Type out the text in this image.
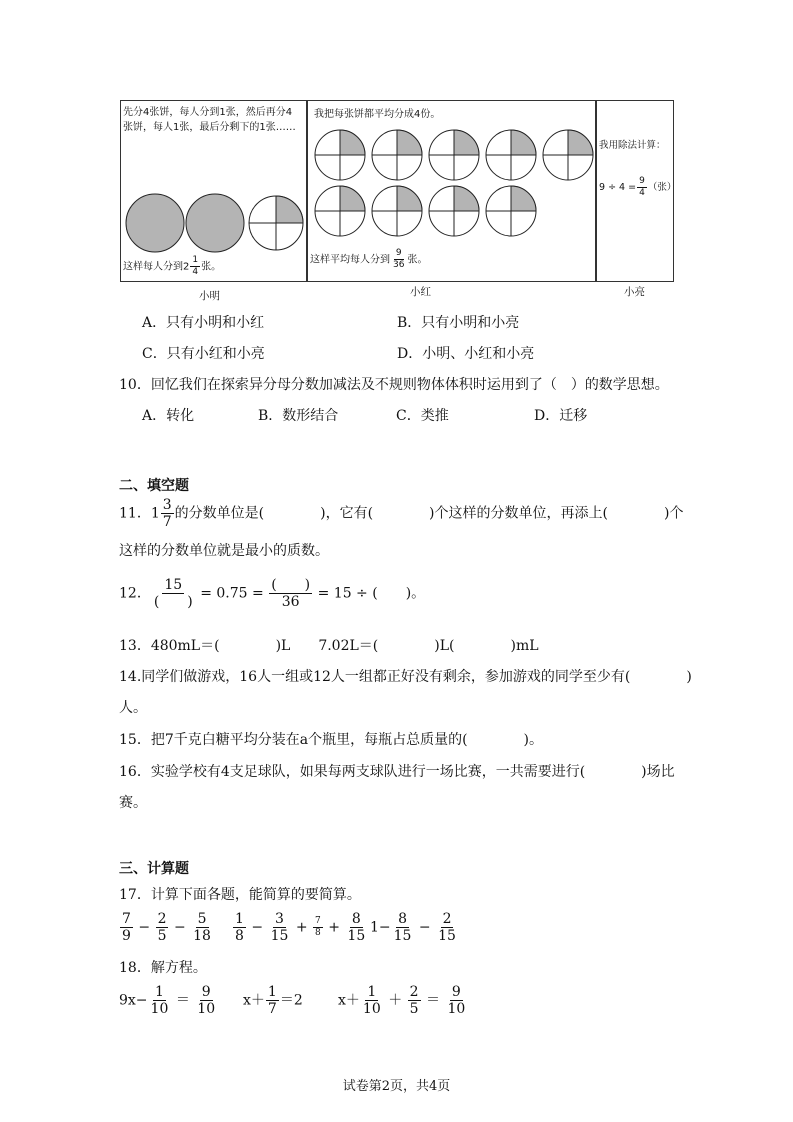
先分4张饼，每人分到1张，然后再分4张饼，每人1张，最后分剩下的1张……
这样每人分到$2 \frac{1}{4}$ 张。
小明
我把每张饼都平均分成4份。
这样平均每人分到 $\frac{9}{36}$ 张。
小红
我用除法计算：
$9 \div 4 = \frac{9}{4}$ （张）
小亮
A．只有小明和小红	B．只有小明和小亮
C．只有小红和小亮	D．小明、小红和小亮
10．回忆我们在探索异分母分数加减法及不规则物体体积时运用到了（　）的数学思想。
A．转化	B．数形结合	C．类推	D．迁移
二、填空题
11．$1 \frac{3}{7}$ 的分数单位是(　　　　)，它有(　　　　)个这样的分数单位，再添上(　　　　)个
这样的分数单位就是最小的质数。
12． $\frac{15}{( )} = 0.75 = \frac{( )}{36} = 15$ ÷ (　　)。
13．480mL＝(　　　　)L　　7.02L＝(　　　　)L(　　　　)mL
14.同学们做游戏，16人一组或12人一组都正好没有剩余，参加游戏的同学至少有(　　　　)
人。
15．把7千克白糖平均分装在a个瓶里，每瓶占总质量的(　　　　)。
16．实验学校有4支足球队，如果每两支球队进行一场比赛，一共需要进行(　　　　)场比
赛。
三、计算题
17．计算下面各题，能简算的要简算。
$\frac{7}{9} - \frac{2}{5} - \frac{5}{18} \frac{1}{8} - \frac{3}{15} + \frac{7}{8} + \frac{8}{15} 1- \frac{8}{15} - \frac{2}{15}$
18．解方程。
$9x- \frac{1}{10} = \frac{9}{10} x+ \frac{1}{7} =2$	$x+ \frac{1}{10} + \frac{2}{5} = \frac{9}{10}$
试卷第2页，共4页
